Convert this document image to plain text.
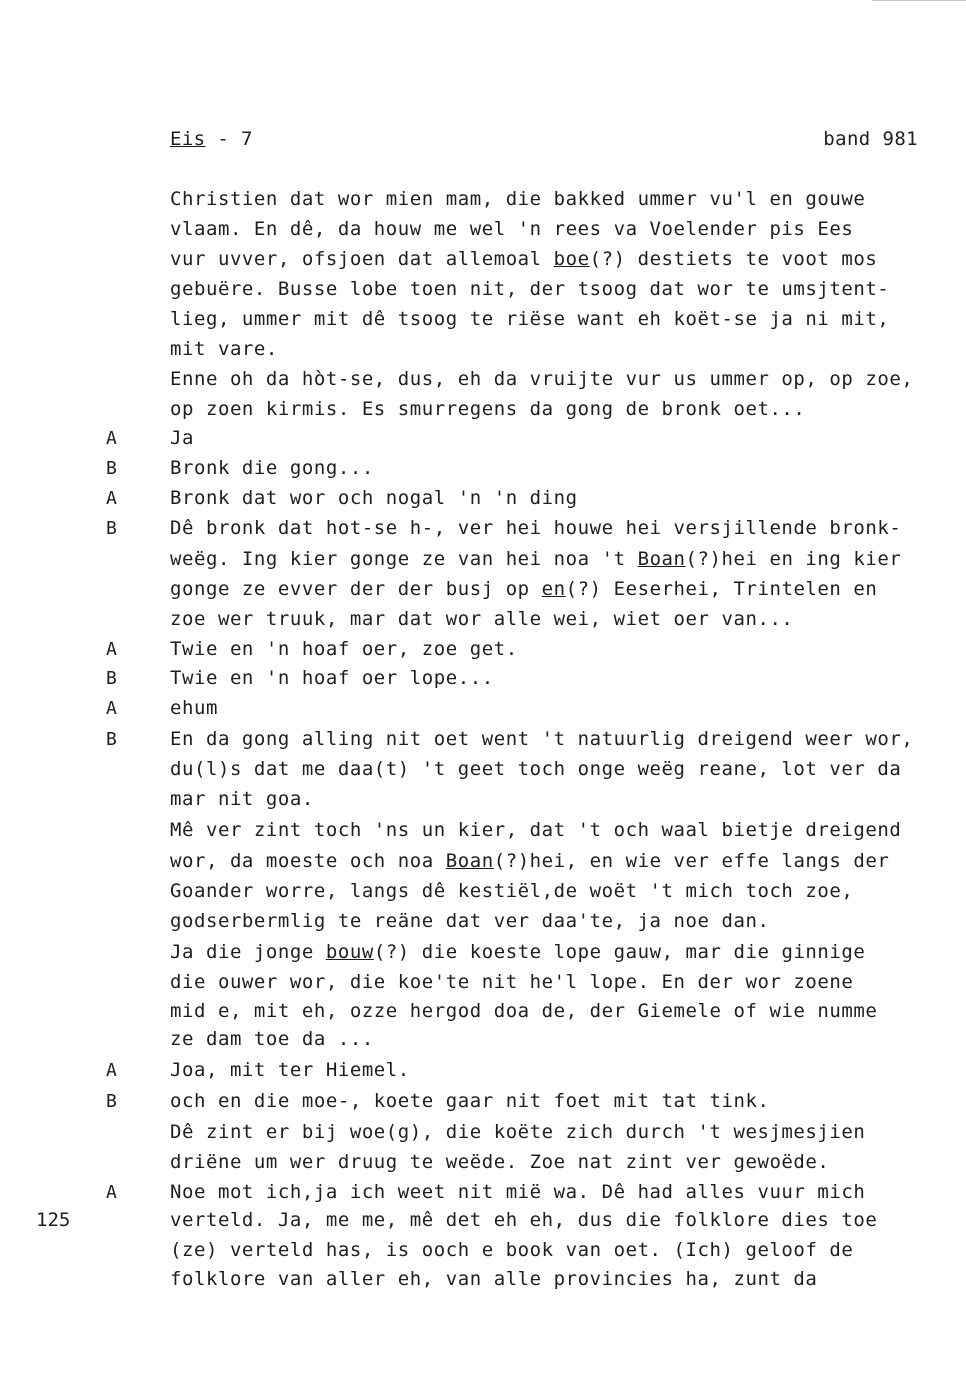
Eis - 7	band 981
Christien dat wor mien mam, die bakked ummer vu'l en gouwe
vlaam. En dê, da houw me wel 'n rees va Voelender pis Ees
vur uvver, ofsjoen dat allemoal boe(?) destiets te voot mos
gebuëre. Busse lobe toen nit, der tsoog dat wor te umsjtent-
lieg, ummer mit dê tsoog te riëse want eh koët-se ja ni mit,
mit vare.
Enne oh da hòt-se, dus, eh da vruijte vur us ummer op, op zoe,
op zoen kirmis. Es smurregens da gong de bronk oet...
A	Ja
B	Bronk die gong...
A	Bronk dat wor och nogal 'n 'n ding
B	Dê bronk dat hot-se h-, ver hei houwe hei versjillende bronk-
weëg. Ing kier gonge ze van hei noa 't Boan(?)hei en ing kier
gonge ze evver der der busj op en(?) Eeserhei, Trintelen en
zoe wer truuk, mar dat wor alle wei, wiet oer van...
A	Twie en 'n hoaf oer, zoe get.
B	Twie en 'n hoaf oer lope...
A	ehum
B	En da gong alling nit oet went 't natuurlig dreigend weer wor,
du(l)s dat me daa(t) 't geet toch onge weëg reane, lot ver da
mar nit goa.
Mê ver zint toch 'ns un kier, dat 't och waal bietje dreigend
wor, da moeste och noa Boan(?)hei, en wie ver effe langs der
Goander worre, langs dê kestiël,de woët 't mich toch zoe,
godserbermlig te reäne dat ver daa'te, ja noe dan.
Ja die jonge bouw(?) die koeste lope gauw, mar die ginnige
die ouwer wor, die koe'te nit he'l lope. En der wor zoene
mid e, mit eh, ozze hergod doa de, der Giemele of wie numme
ze dam toe da ...
A	Joa, mit ter Hiemel.
B	och en die moe-, koete gaar nit foet mit tat tink.
Dê zint er bij woe(g), die koëte zich durch 't wesjmesjien
driëne um wer druug te weëde. Zoe nat zint ver gewoëde.
A	Noe mot ich,ja ich weet nit mië wa. Dê had alles vuur mich
verteld. Ja, me me, mê det eh eh, dus die folklore dies toe
(ze) verteld has, is ooch e book van oet. (Ich) geloof de
folklore van aller eh, van alle provincies ha, zunt da
125
